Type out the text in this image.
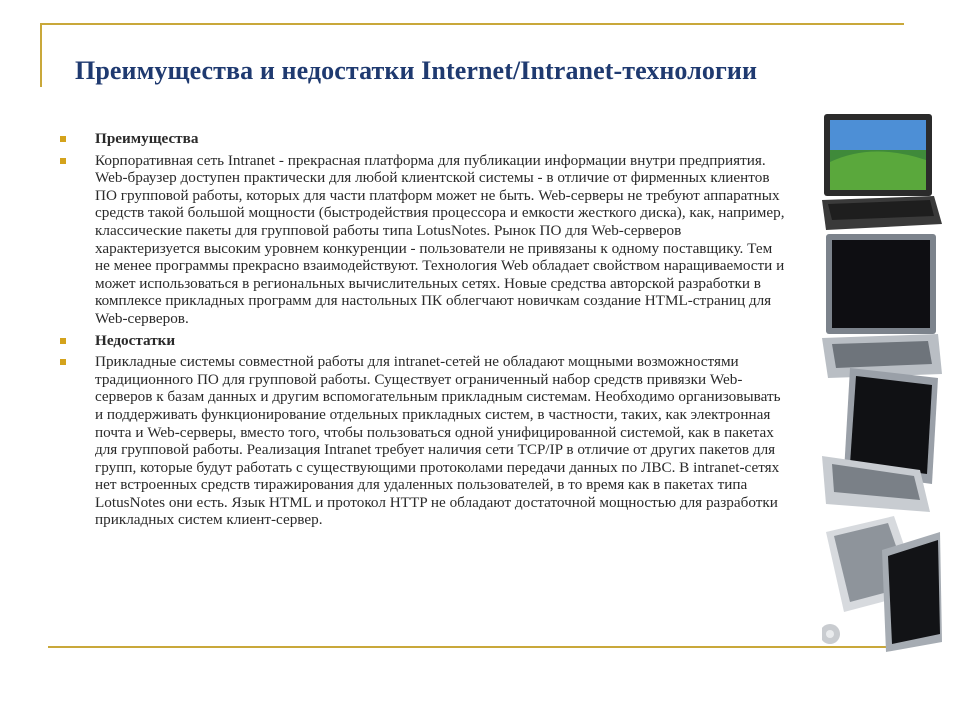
Преимущества и недостатки Internet/Intranet-технологии
Преимущества
Корпоративная сеть Intranet - прекрасная платформа для публикации информации внутри предприятия. Web-браузер доступен практически для любой клиентской системы - в отличие от фирменных клиентов ПО групповой работы, которых для части платформ может не быть. Web-серверы не требуют аппаратных средств такой большой мощности (быстродействия процессора и емкости жесткого диска), как, например, классические пакеты для групповой работы типа LotusNotes. Рынок ПО для Web-серверов характеризуется высоким уровнем конкуренции - пользователи не привязаны к одному поставщику. Тем не менее программы прекрасно взаимодействуют. Технология Web обладает свойством наращиваемости и может использоваться в региональных вычислительных сетях. Новые средства авторской разработки в комплексе прикладных программ для настольных ПК облегчают новичкам создание HTML-страниц для Web-серверов.
Недостатки
Прикладные системы совместной работы для intranet-сетей не обладают мощными возможностями традиционного ПО для групповой работы. Существует ограниченный набор средств привязки Web-серверов к базам данных и другим вспомогательным прикладным системам. Необходимо организовывать и поддерживать функционирование отдельных прикладных систем, в частности, таких, как электронная почта и Web-серверы, вместо того, чтобы пользоваться одной унифицированной системой, как в пакетах для групповой работы. Реализация Intranet требует наличия сети TCP/IP в отличие от других пакетов для групп, которые будут работать с существующими протоколами передачи данных по ЛВС. В intranet-сетях нет встроенных средств тиражирования для удаленных пользователей, в то время как в пакетах типа LotusNotes они есть. Язык HTML и протокол HTTP не обладают достаточной мощностью для разработки прикладных систем клиент-сервер.
